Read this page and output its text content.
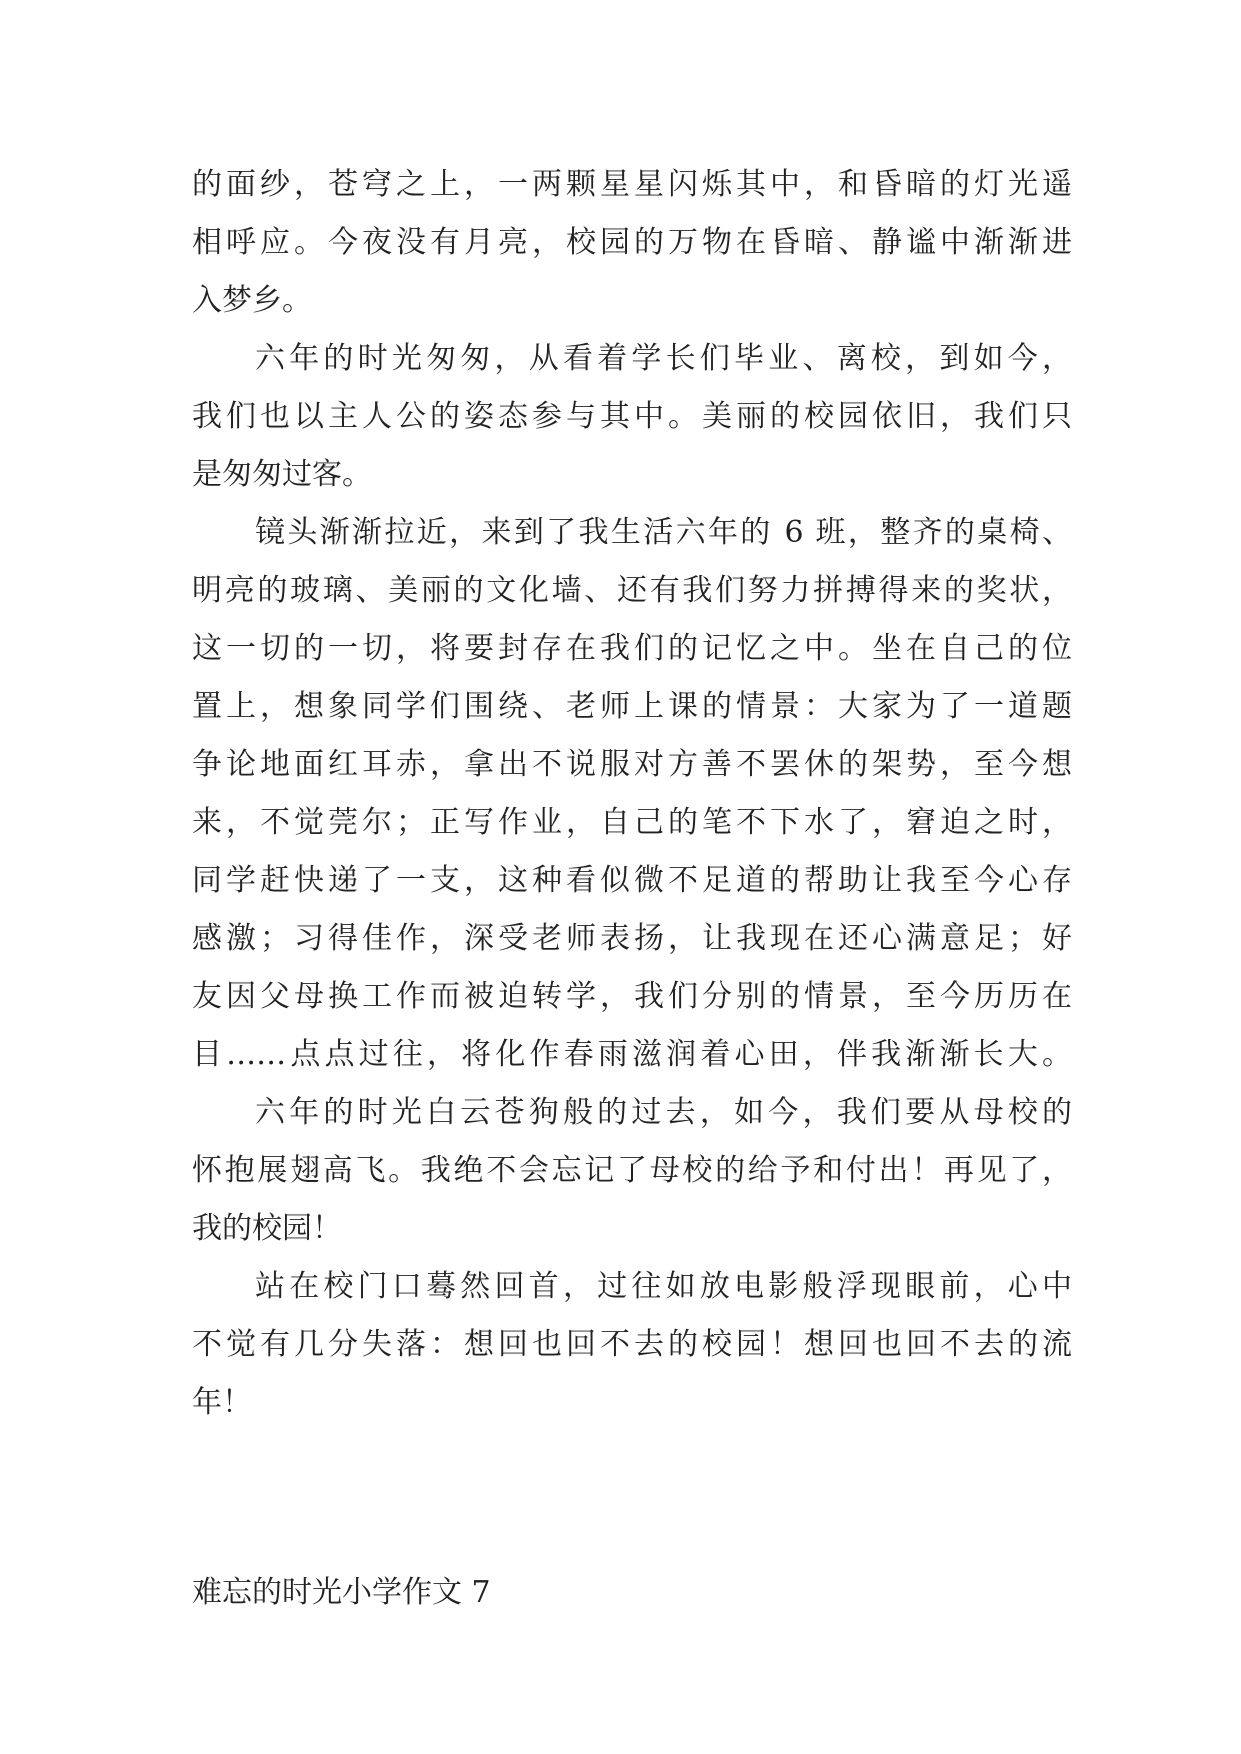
的面纱，苍穹之上，一两颗星星闪烁其中，和昏暗的灯光遥

相呼应。今夜没有月亮，校园的万物在昏暗、静谧中渐渐进

入梦乡。

六年的时光匆匆，从看着学长们毕业、离校，到如今，

我们也以主人公的姿态参与其中。美丽的校园依旧，我们只

是匆匆过客。

镜头渐渐拉近，来到了我生活六年的 6 班，整齐的桌椅、

明亮的玻璃、美丽的文化墙、还有我们努力拼搏得来的奖状，

这一切的一切，将要封存在我们的记忆之中。坐在自己的位

置上，想象同学们围绕、老师上课的情景：大家为了一道题

争论地面红耳赤，拿出不说服对方善不罢休的架势，至今想

来，不觉莞尔；正写作业，自己的笔不下水了，窘迫之时，

同学赶快递了一支，这种看似微不足道的帮助让我至今心存

感激；习得佳作，深受老师表扬，让我现在还心满意足；好

友因父母换工作而被迫转学，我们分别的情景，至今历历在

目……点点过往，将化作春雨滋润着心田，伴我渐渐长大。

六年的时光白云苍狗般的过去，如今，我们要从母校的

怀抱展翅高飞。我绝不会忘记了母校的给予和付出！再见了，

我的校园！

站在校门口蓦然回首，过往如放电影般浮现眼前，心中

不觉有几分失落：想回也回不去的校园！想回也回不去的流

年！

难忘的时光小学作文 7
